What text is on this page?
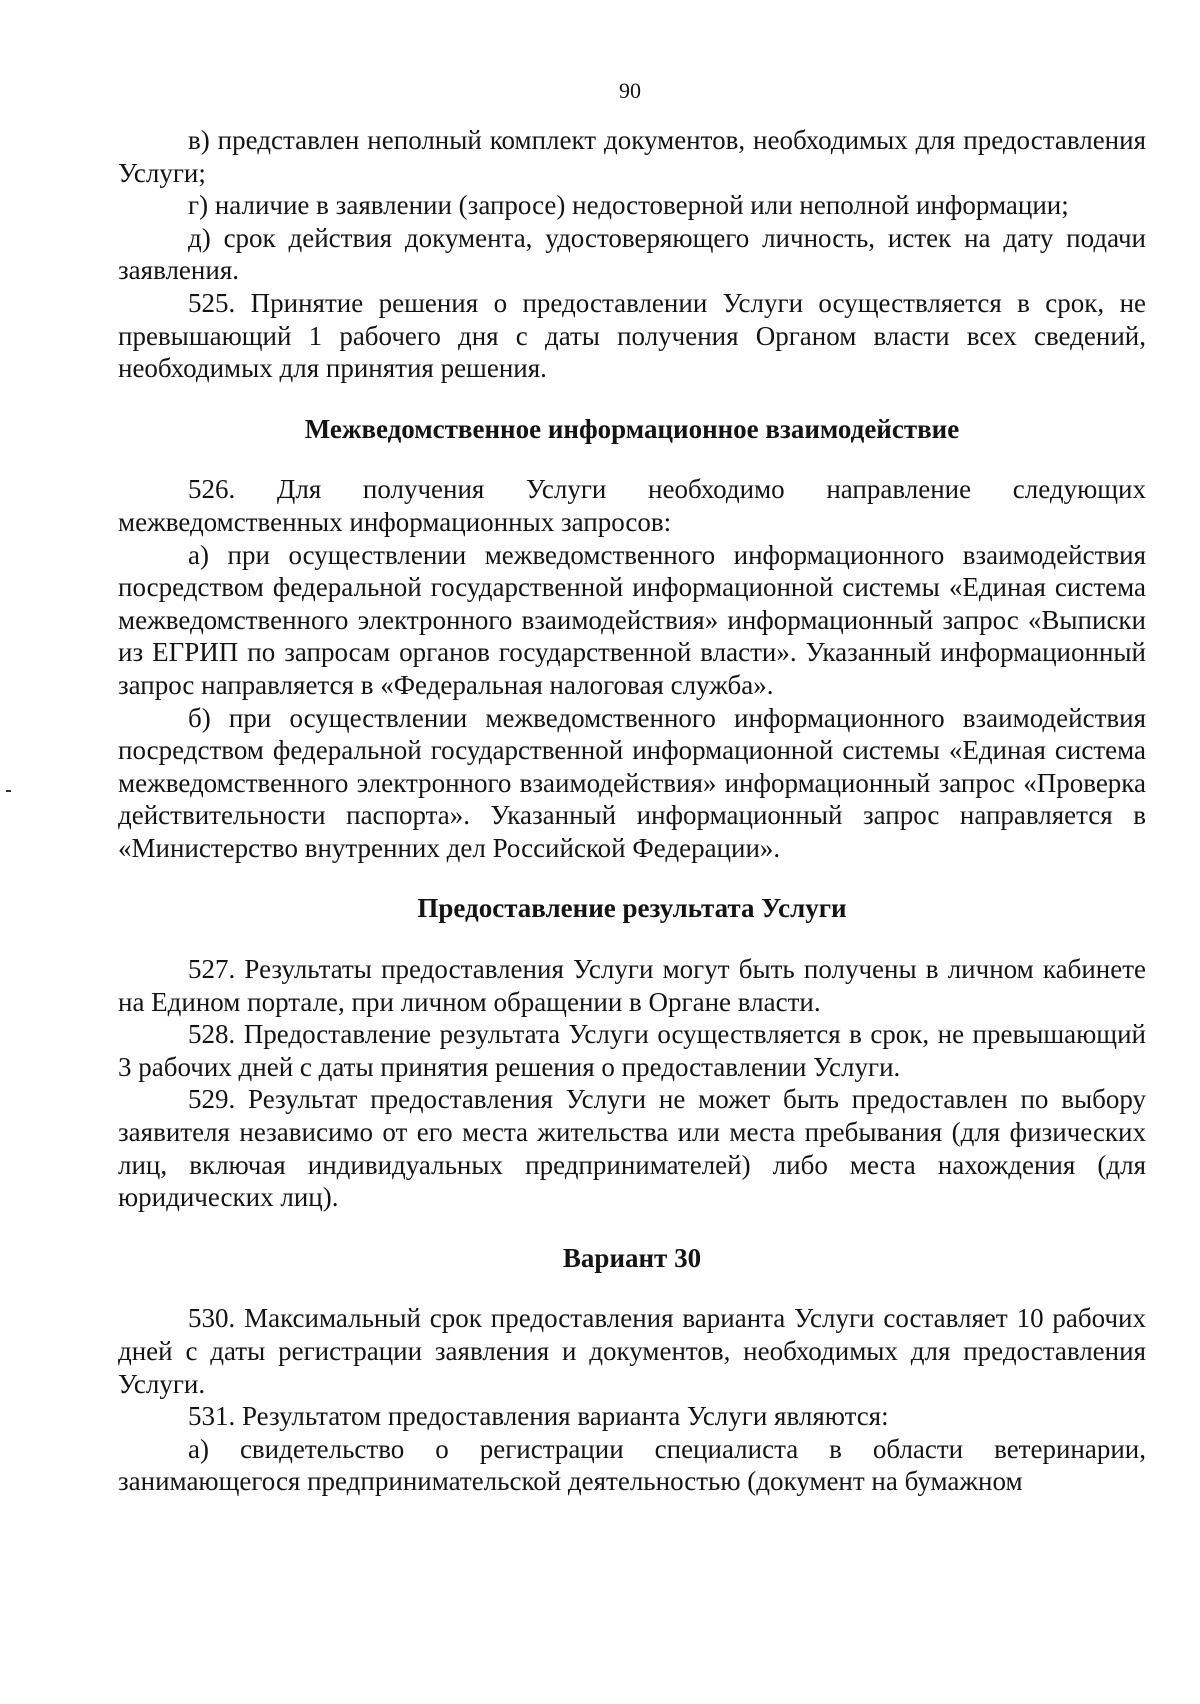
90

в) представлен неполный комплект документов, необходимых для предоставления Услуги;

г) наличие в заявлении (запросе) недостоверной или неполной информации;

д) срок действия документа, удостоверяющего личность, истек на дату подачи заявления.

525. Принятие решения о предоставлении Услуги осуществляется в срок, не превышающий 1 рабочего дня с даты получения Органом власти всех сведений, необходимых для принятия решения.

Межведомственное информационное взаимодействие

526. Для получения Услуги необходимо направление следующих межведомственных информационных запросов:

а) при осуществлении межведомственного информационного взаимодействия посредством федеральной государственной информационной системы «Единая система межведомственного электронного взаимодействия» информационный запрос «Выписки из ЕГРИП по запросам органов государственной власти». Указанный информационный запрос направляется в «Федеральная налоговая служба».

б) при осуществлении межведомственного информационного взаимодействия посредством федеральной государственной информационной системы «Единая система межведомственного электронного взаимодействия» информационный запрос «Проверка действительности паспорта». Указанный информационный запрос направляется в «Министерство внутренних дел Российской Федерации».

Предоставление результата Услуги

527. Результаты предоставления Услуги могут быть получены в личном кабинете на Едином портале, при личном обращении в Органе власти.

528. Предоставление результата Услуги осуществляется в срок, не превышающий 3 рабочих дней с даты принятия решения о предоставлении Услуги.

529. Результат предоставления Услуги не может быть предоставлен по выбору заявителя независимо от его места жительства или места пребывания (для физических лиц, включая индивидуальных предпринимателей) либо места нахождения (для юридических лиц).

Вариант 30

530. Максимальный срок предоставления варианта Услуги составляет 10 рабочих дней с даты регистрации заявления и документов, необходимых для предоставления Услуги.

531. Результатом предоставления варианта Услуги являются:

а) свидетельство о регистрации специалиста в области ветеринарии, занимающегося предпринимательской деятельностью (документ на бумажном
